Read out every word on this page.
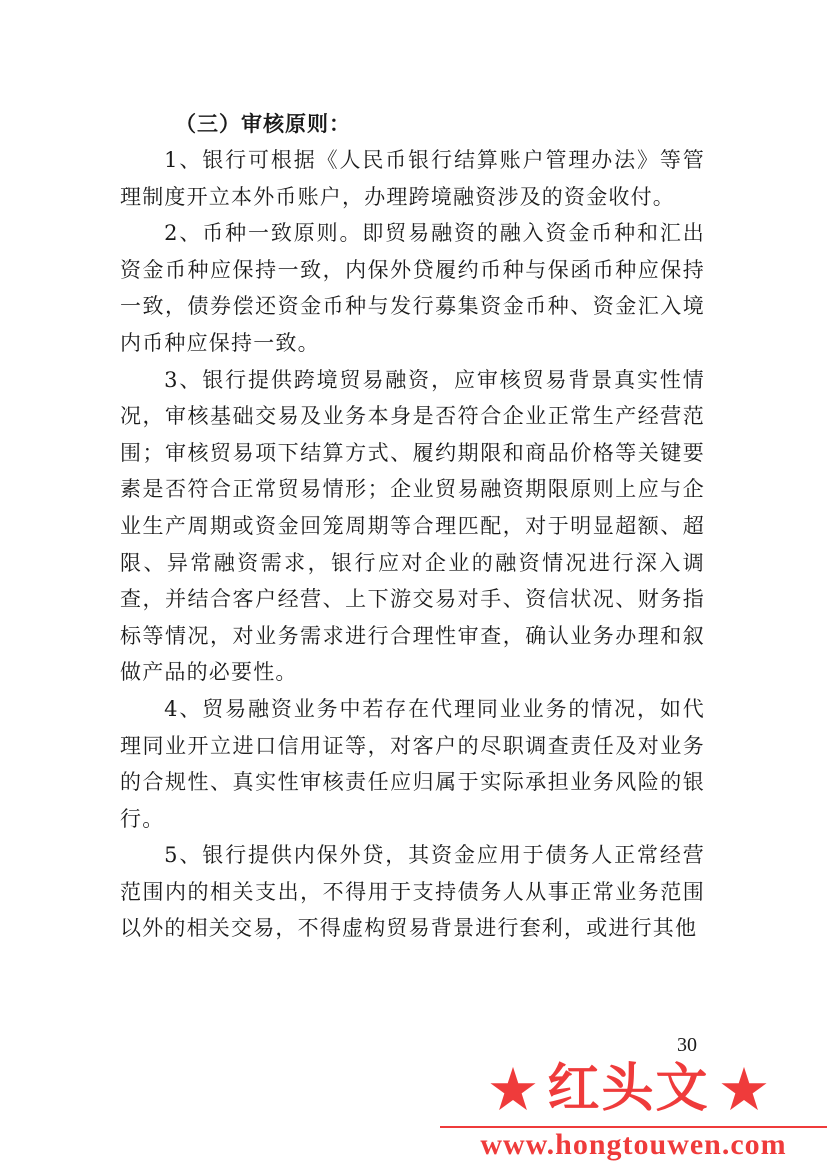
（三）审核原则：

1、银行可根据《人民币银行结算账户管理办法》等管理制度开立本外币账户，办理跨境融资涉及的资金收付。

2、币种一致原则。即贸易融资的融入资金币种和汇出资金币种应保持一致，内保外贷履约币种与保函币种应保持一致，债券偿还资金币种与发行募集资金币种、资金汇入境内币种应保持一致。

3、银行提供跨境贸易融资，应审核贸易背景真实性情况，审核基础交易及业务本身是否符合企业正常生产经营范围；审核贸易项下结算方式、履约期限和商品价格等关键要素是否符合正常贸易情形；企业贸易融资期限原则上应与企业生产周期或资金回笼周期等合理匹配，对于明显超额、超限、异常融资需求，银行应对企业的融资情况进行深入调查，并结合客户经营、上下游交易对手、资信状况、财务指标等情况，对业务需求进行合理性审查，确认业务办理和叙做产品的必要性。

4、贸易融资业务中若存在代理同业业务的情况，如代理同业开立进口信用证等，对客户的尽职调查责任及对业务的合规性、真实性审核责任应归属于实际承担业务风险的银行。

5、银行提供内保外贷，其资金应用于债务人正常经营范围内的相关支出，不得用于支持债务人从事正常业务范围以外的相关交易，不得虚构贸易背景进行套利，或进行其他

30
红头文
www.hongtouwen.com
